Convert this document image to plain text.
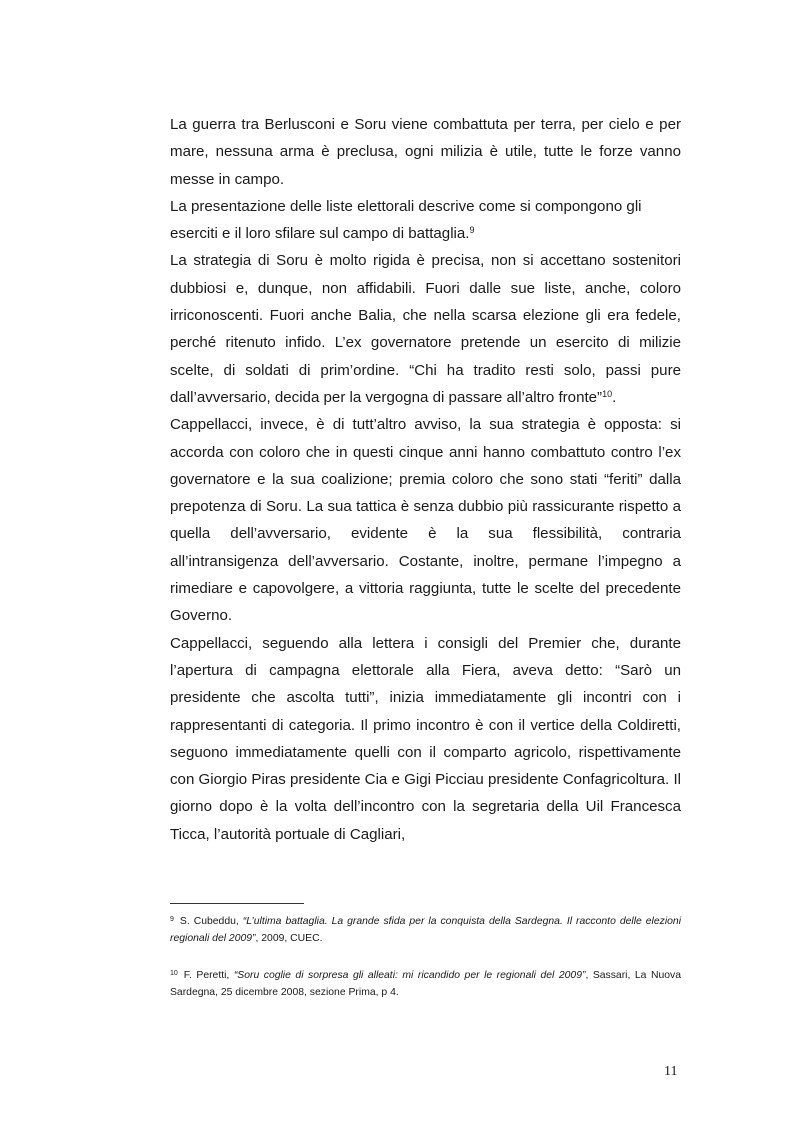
La guerra tra Berlusconi e Soru viene combattuta per terra, per cielo e per mare, nessuna arma è preclusa, ogni milizia è utile, tutte le forze vanno messe in campo.

La presentazione delle liste elettorali descrive come si compongono gli eserciti e il loro sfilare sul campo di battaglia.$^9$

La strategia di Soru è molto rigida è precisa, non si accettano sostenitori dubbiosi e, dunque, non affidabili. Fuori dalle sue liste, anche, coloro irriconoscenti. Fuori anche Balia, che nella scarsa elezione gli era fedele, perché ritenuto infido. L’ex governatore pretende un esercito di milizie scelte, di soldati di prim’ordine. “Chi ha tradito resti solo, passi pure dall’avversario, decida per la vergogna di passare all’altro fronte”$^{10}$.

Cappellacci, invece, è di tutt’altro avviso, la sua strategia è opposta: si accorda con coloro che in questi cinque anni hanno combattuto contro l’ex governatore e la sua coalizione; premia coloro che sono stati “feriti” dalla prepotenza di Soru. La sua tattica è senza dubbio più rassicurante rispetto a quella dell’avversario, evidente è la sua flessibilità, contraria all’intransigenza dell’avversario. Costante, inoltre, permane l’impegno a rimediare e capovolgere, a vittoria raggiunta, tutte le scelte del precedente Governo.

Cappellacci, seguendo alla lettera i consigli del Premier che, durante l’apertura di campagna elettorale alla Fiera, aveva detto: “Sarò un presidente che ascolta tutti”, inizia immediatamente gli incontri con i rappresentanti di categoria. Il primo incontro è con il vertice della Coldiretti, seguono immediatamente quelli con il comparto agricolo, rispettivamente con Giorgio Piras presidente Cia e Gigi Picciau presidente Confagricoltura. Il giorno dopo è la volta dell’incontro con la segretaria della Uil Francesca Ticca, l’autorità portuale di Cagliari,

$^9$ S. Cubeddu, “L’ultima battaglia. La grande sfida per la conquista della Sardegna. Il racconto delle elezioni regionali del 2009”, 2009, CUEC.
$^{10}$ F. Peretti, “Soru coglie di sorpresa gli alleati: mi ricandido per le regionali del 2009”, Sassari, La Nuova Sardegna, 25 dicembre 2008, sezione Prima, p 4.
11
